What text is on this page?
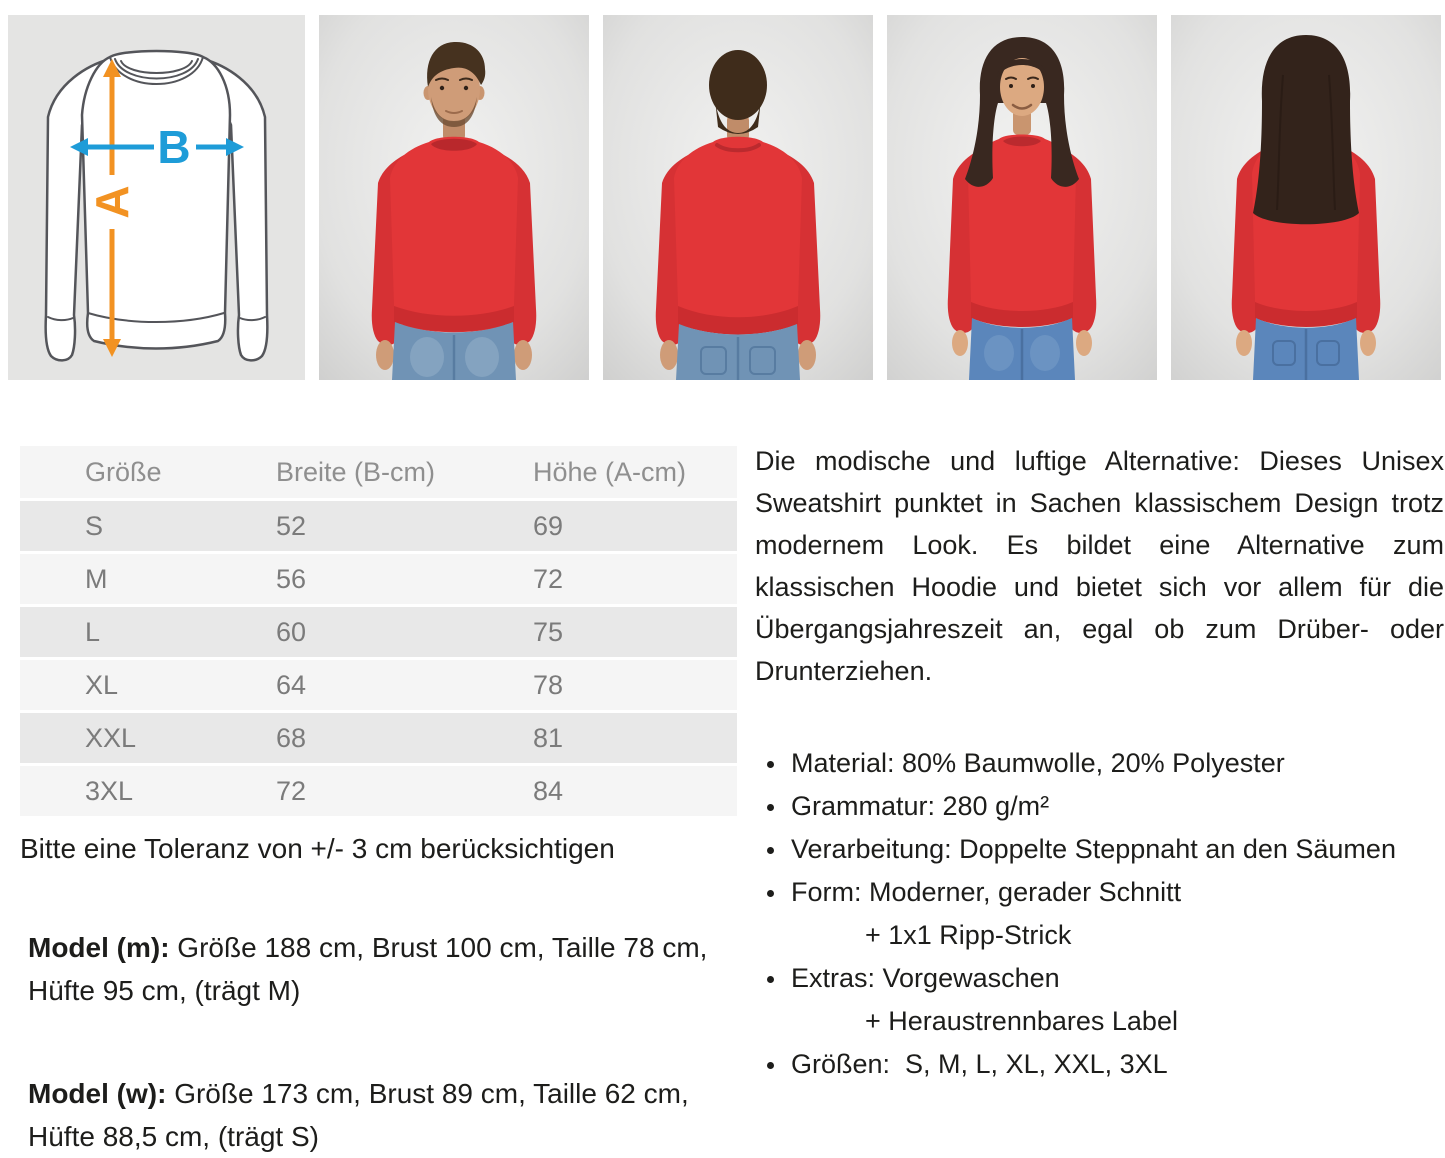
A
B
Größe	Breite (B-cm)	Höhe (A-cm)
S	52	69
M	56	72
L	60	75
XL	64	78
XXL	68	81
3XL	72	84

Bitte eine Toleranz von +/- 3 cm berücksichtigen

Model (m): Größe 188 cm, Brust 100 cm, Taille 78 cm, Hüfte 95 cm, (trägt M)

Model (w): Größe 173 cm, Brust 89 cm, Taille 62 cm, Hüfte 88,5 cm, (trägt S)

Die modische und luftige Alternative: Dieses Unisex Sweatshirt punktet in Sachen klassischem Design trotz modernem Look. Es bildet eine Alternative zum klassischen Hoodie und bietet sich vor allem für die Übergangsjahreszeit an, egal ob zum Drüber- oder Drunterziehen.

Material: 80% Baumwolle, 20% Polyester
Grammatur: 280 g/m²
Verarbeitung: Doppelte Steppnaht an den Säumen
Form: Moderner, gerader Schnitt
+ 1x1 Ripp-Strick
Extras: Vorgewaschen
+ Heraustrennbares Label
Größen:  S, M, L, XL, XXL, 3XL
